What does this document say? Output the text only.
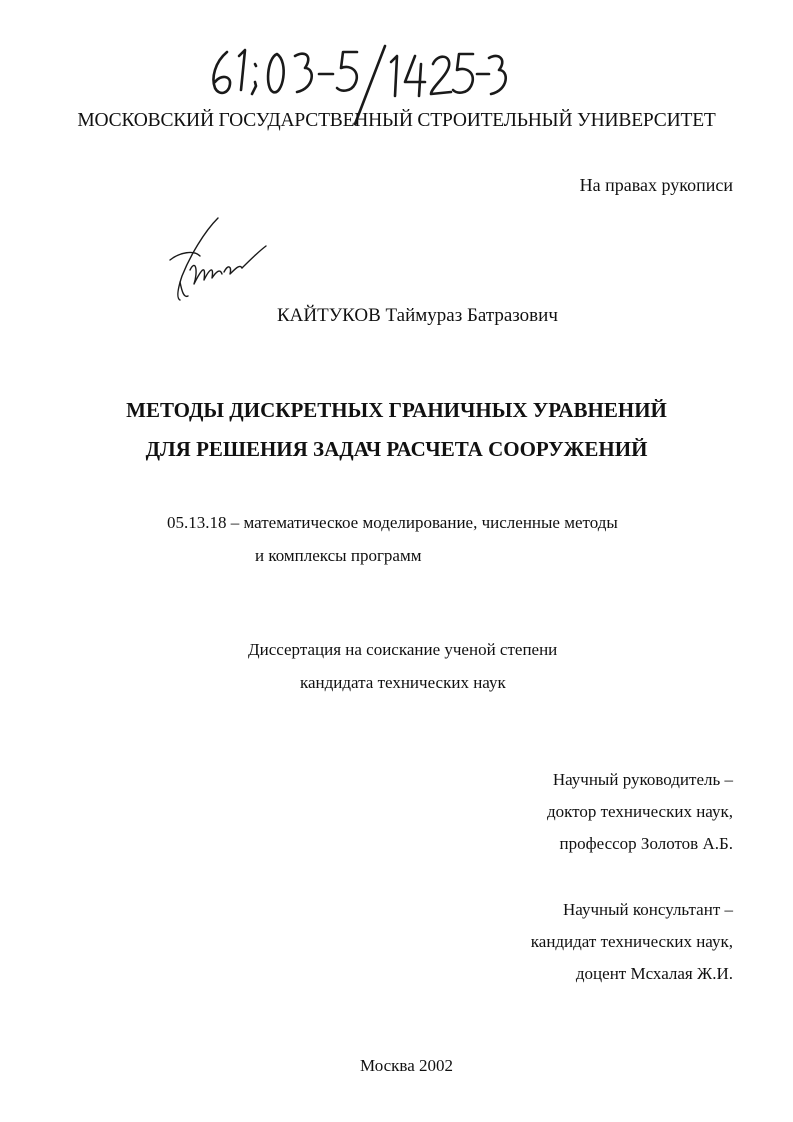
МОСКОВСКИЙ ГОСУДАРСТВЕННЫЙ СТРОИТЕЛЬНЫЙ УНИВЕРСИТЕТ
На правах рукописи
КАЙТУКОВ Таймураз Батразович
МЕТОДЫ ДИСКРЕТНЫХ ГРАНИЧНЫХ УРАВНЕНИЙ
ДЛЯ РЕШЕНИЯ ЗАДАЧ РАСЧЕТА СООРУЖЕНИЙ
05.13.18 – математическое моделирование, численные методы
и комплексы программ
Диссертация на соискание ученой степени
кандидата технических наук
Научный руководитель –
доктор технических наук,
профессор Золотов А.Б.
Научный консультант –
кандидат технических наук,
доцент Мсхалая Ж.И.
Москва 2002
